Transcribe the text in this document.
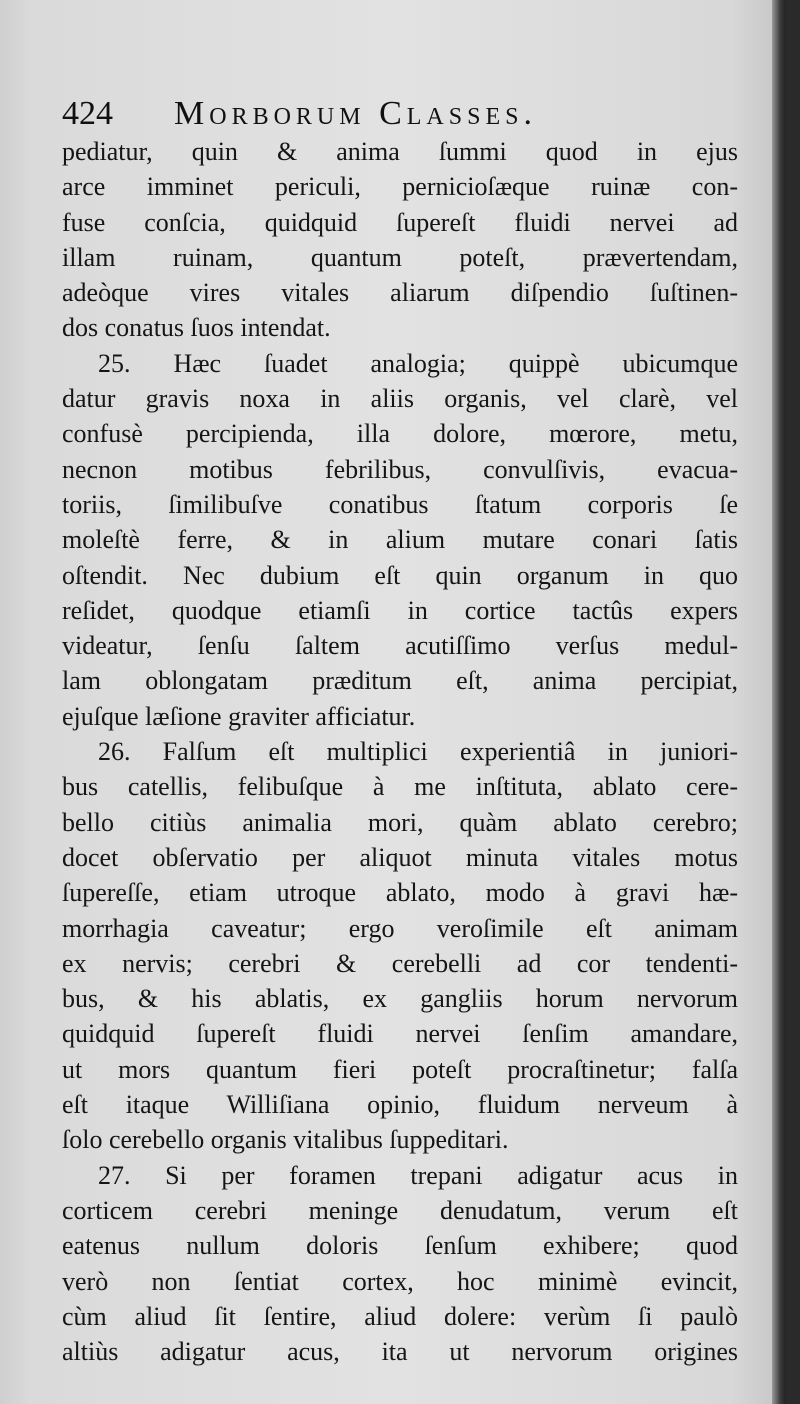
424 Morborum Classes.
pediatur, quin & anima ſummi quod in ejus
arce imminet periculi, pernicioſæque ruinæ con-
fuse conſcia, quidquid ſupereſt fluidi nervei ad
illam ruinam, quantum poteſt, prævertendam,
adeòque vires vitales aliarum diſpendio ſuſtinen-
dos conatus ſuos intendat.
25. Hæc ſuadet analogia; quippè ubicumque
datur gravis noxa in aliis organis, vel clarè, vel
confusè percipienda, illa dolore, mœrore, metu,
necnon motibus febrilibus, convulſivis, evacua-
toriis, ſimilibuſve conatibus ſtatum corporis ſe
moleſtè ferre, & in alium mutare conari ſatis
oſtendit. Nec dubium eſt quin organum in quo
reſidet, quodque etiamſi in cortice tactûs expers
videatur, ſenſu ſaltem acutiſſimo verſus medul-
lam oblongatam præditum eſt, anima percipiat,
ejuſque læſione graviter afficiatur.
26. Falſum eſt multiplici experientiâ in juniori-
bus catellis, felibuſque à me inſtituta, ablato cere-
bello citiùs animalia mori, quàm ablato cerebro;
docet obſervatio per aliquot minuta vitales motus
ſupereſſe, etiam utroque ablato, modo à gravi hæ-
morrhagia caveatur; ergo veroſimile eſt animam
ex nervis; cerebri & cerebelli ad cor tendenti-
bus, & his ablatis, ex gangliis horum nervorum
quidquid ſupereſt fluidi nervei ſenſim amandare,
ut mors quantum fieri poteſt procraſtinetur; falſa
eſt itaque Williſiana opinio, fluidum nerveum à
ſolo cerebello organis vitalibus ſuppeditari.
27. Si per foramen trepani adigatur acus in
corticem cerebri meninge denudatum, verum eſt
eatenus nullum doloris ſenſum exhibere; quod
verò non ſentiat cortex, hoc minimè evincit,
cùm aliud ſit ſentire, aliud dolere: verùm ſi paulò
altiùs adigatur acus, ita ut nervorum origines
